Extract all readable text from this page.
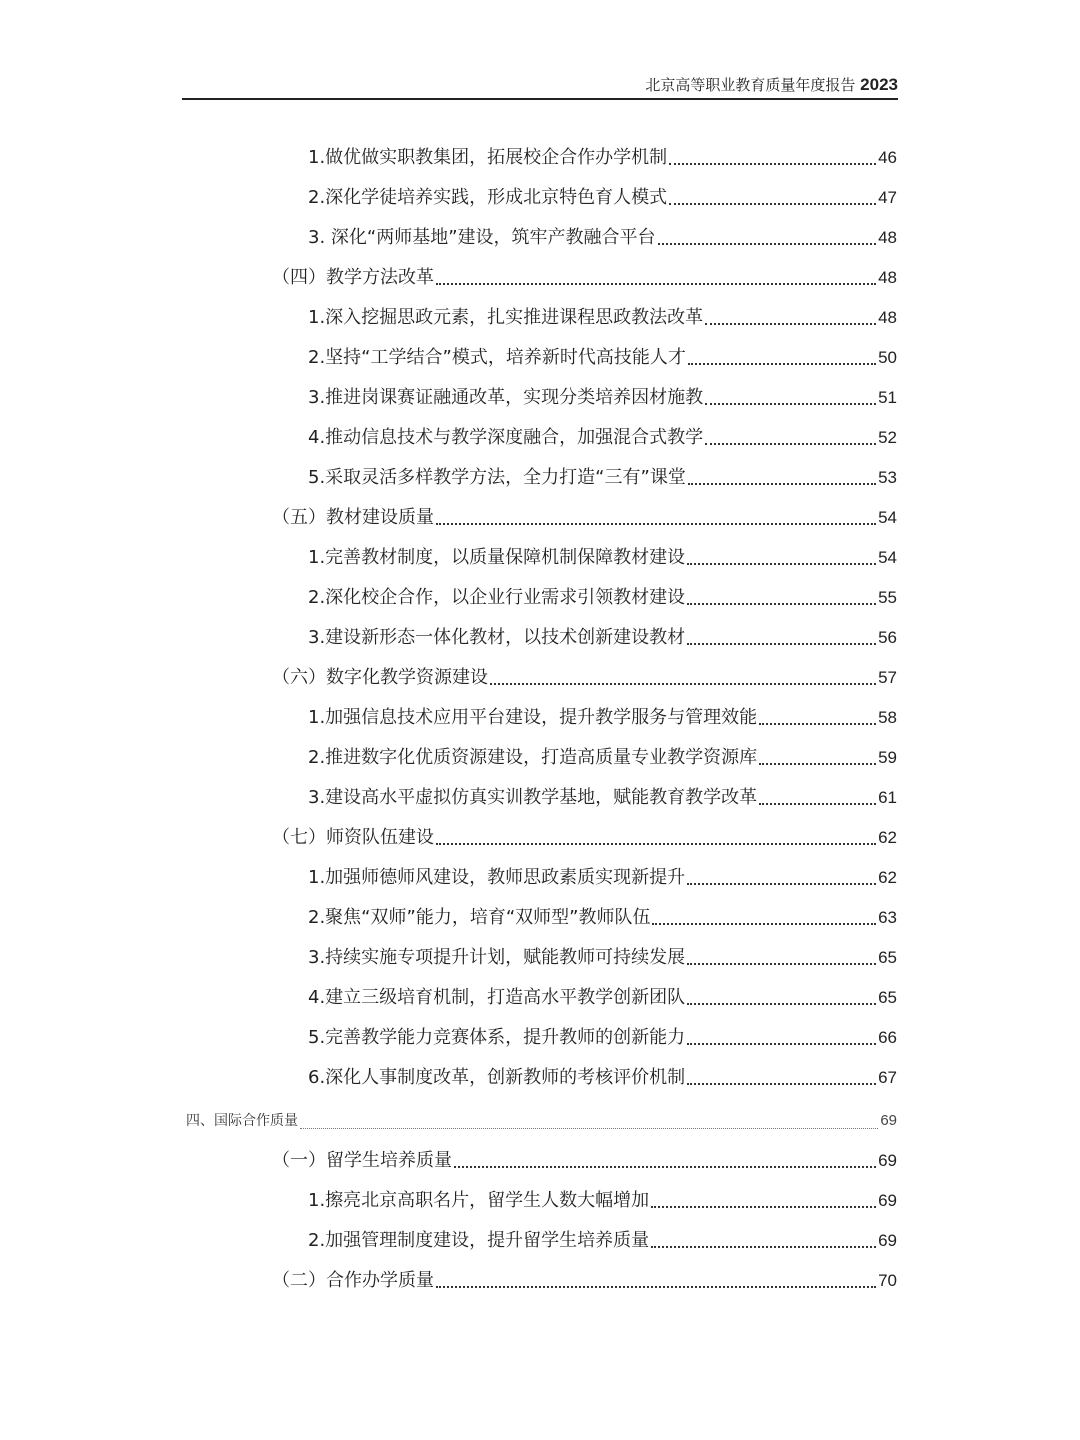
北京高等职业教育质量年度报告 2023
1.做优做实职教集团，拓展校企合作办学机制	46
2.深化学徒培养实践，形成北京特色育人模式	47
3. 深化“两师基地”建设，筑牢产教融合平台	48
（四）教学方法改革	48
1.深入挖掘思政元素，扎实推进课程思政教法改革	48
2.坚持“工学结合”模式，培养新时代高技能人才	50
3.推进岗课赛证融通改革，实现分类培养因材施教	51
4.推动信息技术与教学深度融合，加强混合式教学	52
5.采取灵活多样教学方法，全力打造“三有”课堂	53
（五）教材建设质量	54
1.完善教材制度，以质量保障机制保障教材建设	54
2.深化校企合作，以企业行业需求引领教材建设	55
3.建设新形态一体化教材，以技术创新建设教材	56
（六）数字化教学资源建设	57
1.加强信息技术应用平台建设，提升教学服务与管理效能	58
2.推进数字化优质资源建设，打造高质量专业教学资源库	59
3.建设高水平虚拟仿真实训教学基地，赋能教育教学改革	61
（七）师资队伍建设	62
1.加强师德师风建设，教师思政素质实现新提升	62
2.聚焦“双师”能力，培育“双师型”教师队伍	63
3.持续实施专项提升计划，赋能教师可持续发展	65
4.建立三级培育机制，打造高水平教学创新团队	65
5.完善教学能力竞赛体系，提升教师的创新能力	66
6.深化人事制度改革，创新教师的考核评价机制	67
四、国际合作质量	69
（一）留学生培养质量	69
1.擦亮北京高职名片，留学生人数大幅增加	69
2.加强管理制度建设，提升留学生培养质量	69
（二）合作办学质量	70
